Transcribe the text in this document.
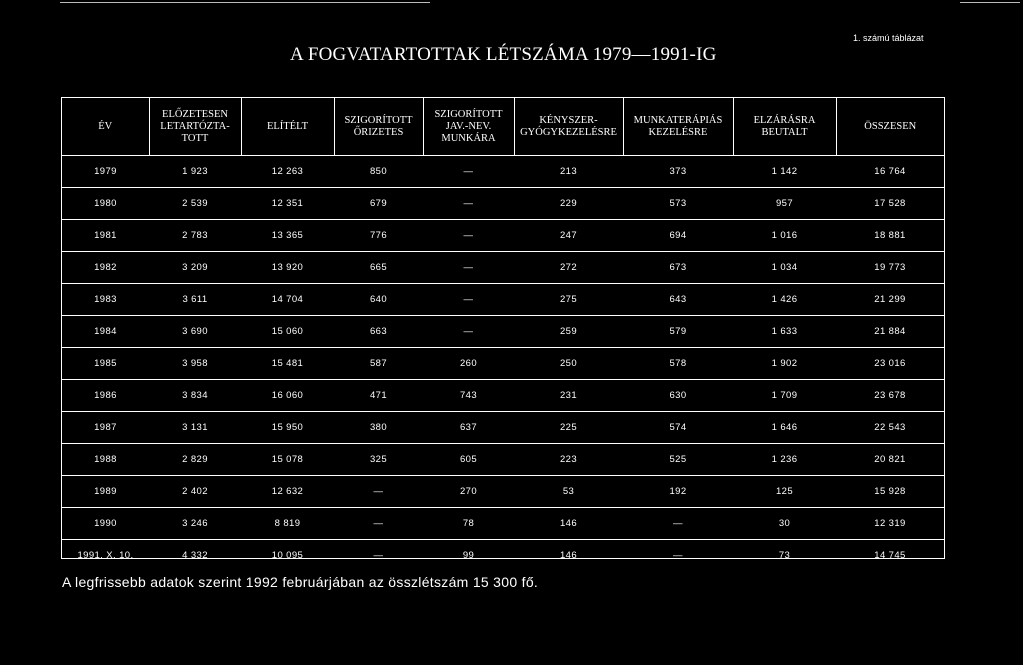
1. számú táblázat
A FOGVATARTOTTAK LÉTSZÁMA 1979—1991-IG
ÉV	ELŐZETESEN
LETARTÓZTA-
TOTT	ELÍTÉLT	SZIGORÍTOTT
ŐRIZETES	SZIGORÍTOTT
JAV.-NEV.
MUNKÁRA	KÉNYSZER-
GYÓGYKEZELÉSRE	MUNKATERÁPIÁS
KEZELÉSRE	ELZÁRÁSRA
BEUTALT	ÖSSZESEN
1979	1 923	12 263	850	—	213	373	1 142	16 764
1980	2 539	12 351	679	—	229	573	957	17 528
1981	2 783	13 365	776	—	247	694	1 016	18 881
1982	3 209	13 920	665	—	272	673	1 034	19 773
1983	3 611	14 704	640	—	275	643	1 426	21 299
1984	3 690	15 060	663	—	259	579	1 633	21 884
1985	3 958	15 481	587	260	250	578	1 902	23 016
1986	3 834	16 060	471	743	231	630	1 709	23 678
1987	3 131	15 950	380	637	225	574	1 646	22 543
1988	2 829	15 078	325	605	223	525	1 236	20 821
1989	2 402	12 632	—	270	53	192	125	15 928
1990	3 246	8 819	—	78	146	—	30	12 319
1991. X. 10.	4 332	10 095	—	99	146	—	73	14 745
A legfrissebb adatok szerint 1992 februárjában az összlétszám 15 300 fő.
